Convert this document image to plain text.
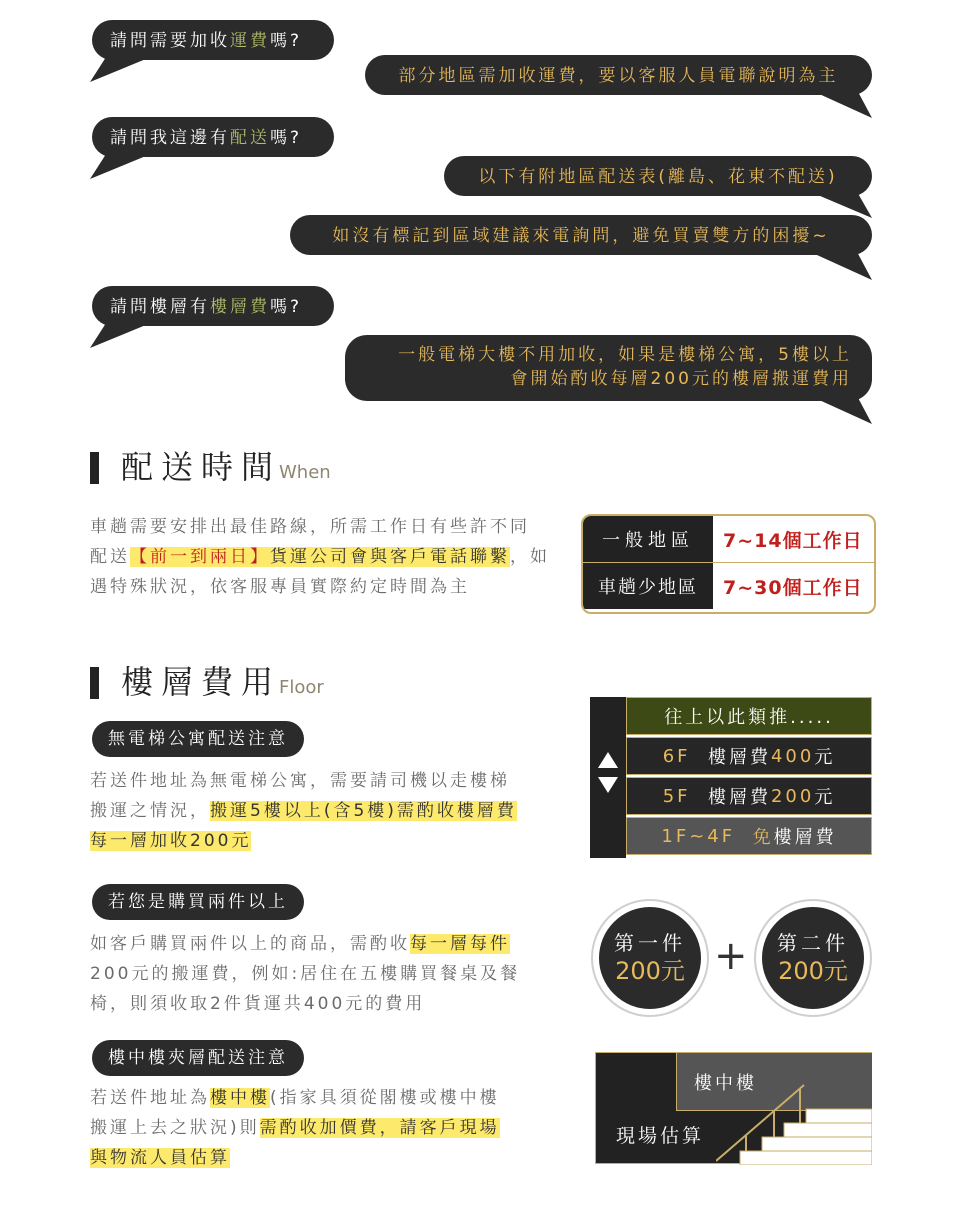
請問需要加收運費嗎?
部分地區需加收運費，要以客服人員電聯說明為主
請問我這邊有配送嗎?
以下有附地區配送表(離島、花東不配送)
如沒有標記到區域建議來電詢問，避免買賣雙方的困擾~
請問樓層有樓層費嗎?
一般電梯大樓不用加收，如果是樓梯公寓，5樓以上
會開始酌收每層200元的樓層搬運費用
配送時間
When
車趟需要安排出最佳路線，所需工作日有些許不同
配送【前一到兩日】貨運公司會與客戶電話聯繫，如
遇特殊狀況，依客服專員實際約定時間為主
一般地區	7~14個工作日
車趟少地區	7~30個工作日
樓層費用
Floor
無電梯公寓配送注意
若送件地址為無電梯公寓，需要請司機以走樓梯
搬運之情況，搬運5樓以上(含5樓)需酌收樓層費
每一層加收200元
往上以此類推.....
6F
樓層費 400 元
5F
樓層費 200 元
1F~4F
免 樓層費
若您是購買兩件以上
如客戶購買兩件以上的商品，需酌收每一層每件
200元的搬運費，例如:居住在五樓購買餐桌及餐
椅，則須收取2件貨運共400元的費用
第一件
200元 + 第二件
200元
樓中樓夾層配送注意
若送件地址為樓中樓(指家具須從閣樓或樓中樓
搬運上去之狀況)則需酌收加價費，請客戶現場
與物流人員估算
樓中樓
現場估算
